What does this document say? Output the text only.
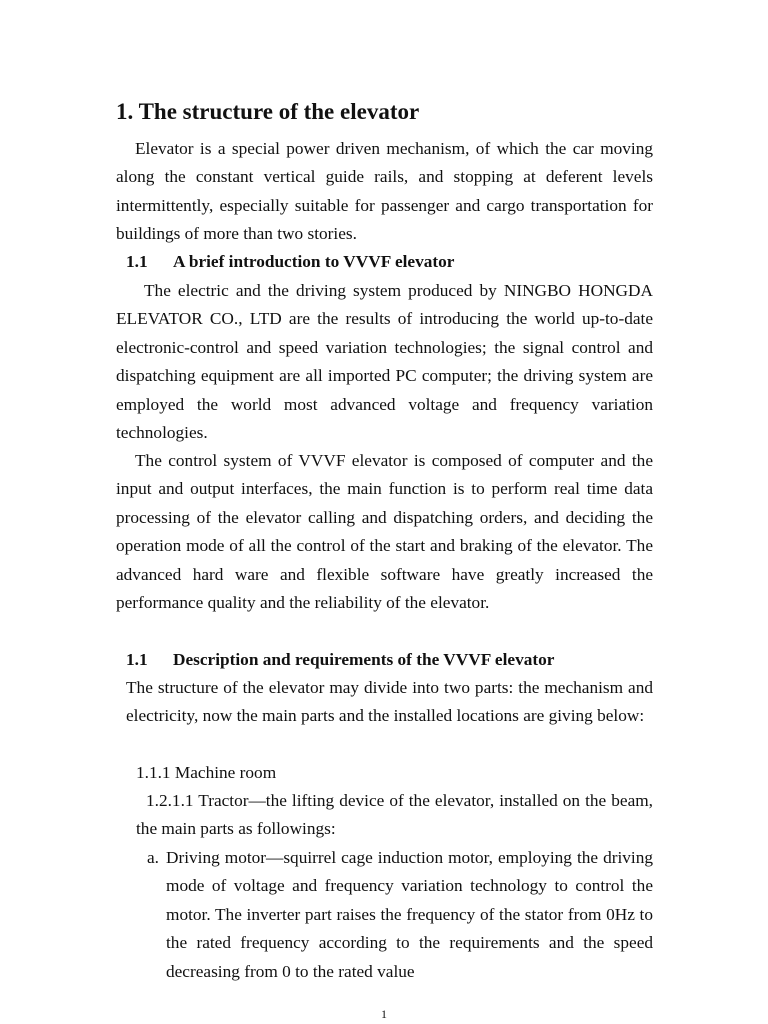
1. The structure of the elevator

Elevator is a special power driven mechanism, of which the car moving along the constant vertical guide rails, and stopping at deferent levels intermittently, especially suitable for passenger and cargo transportation for buildings of more than two stories.

1.1 A brief introduction to VVVF elevator

The electric and the driving system produced by NINGBO HONGDA ELEVATOR CO., LTD are the results of introducing the world up-to-date electronic-control and speed variation technologies; the signal control and dispatching equipment are all imported PC computer; the driving system are employed the world most advanced voltage and frequency variation technologies.

The control system of VVVF elevator is composed of computer and the input and output interfaces, the main function is to perform real time data processing of the elevator calling and dispatching orders, and deciding the operation mode of all the control of the start and braking of the elevator. The advanced hard ware and flexible software have greatly increased the performance quality and the reliability of the elevator.

1.1 Description and requirements of the VVVF elevator

The structure of the elevator may divide into two parts: the mechanism and electricity, now the main parts and the installed locations are giving below:

1.1.1 Machine room

1.2.1.1 Tractor—the lifting device of the elevator, installed on the beam, the main parts as followings:

a. Driving motor—squirrel cage induction motor, employing the driving mode of voltage and frequency variation technology to control the motor. The inverter part raises the frequency of the stator from 0Hz to the rated frequency according to the requirements and the speed decreasing from 0 to the rated value
1
